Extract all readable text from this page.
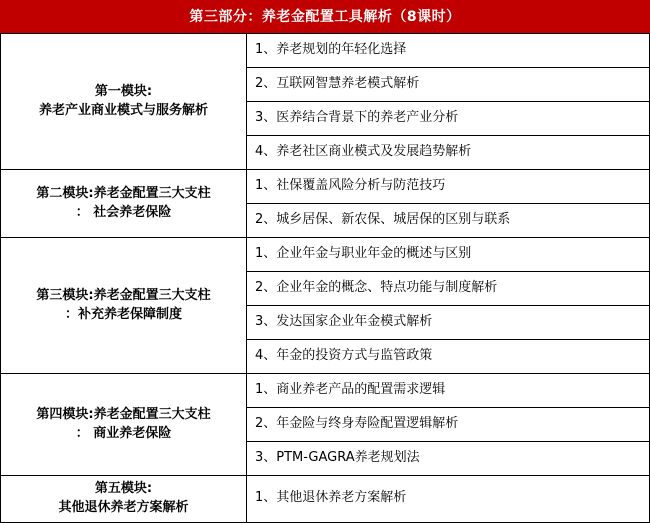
第三部分：养老金配置工具解析（8课时）
第一模块:
养老产业商业模式与服务解析	1、养老规划的年轻化选择
	2、互联网智慧养老模式解析
	3、医养结合背景下的养老产业分析
	4、养老社区商业模式及发展趋势解析

第二模块:养老金配置三大支柱
： 社会养老保险	1、社保覆盖风险分析与防范技巧
	2、城乡居保、新农保、城居保的区别与联系

第三模块:养老金配置三大支柱
：补充养老保障制度	1、企业年金与职业年金的概述与区别
	2、企业年金的概念、特点功能与制度解析
	3、发达国家企业年金模式解析
	4、年金的投资方式与监管政策

第四模块:养老金配置三大支柱
： 商业养老保险	1、商业养老产品的配置需求逻辑
	2、年金险与终身寿险配置逻辑解析
	3、PTM-GAGRA养老规划法

第五模块:
其他退休养老方案解析	1、其他退休养老方案解析
